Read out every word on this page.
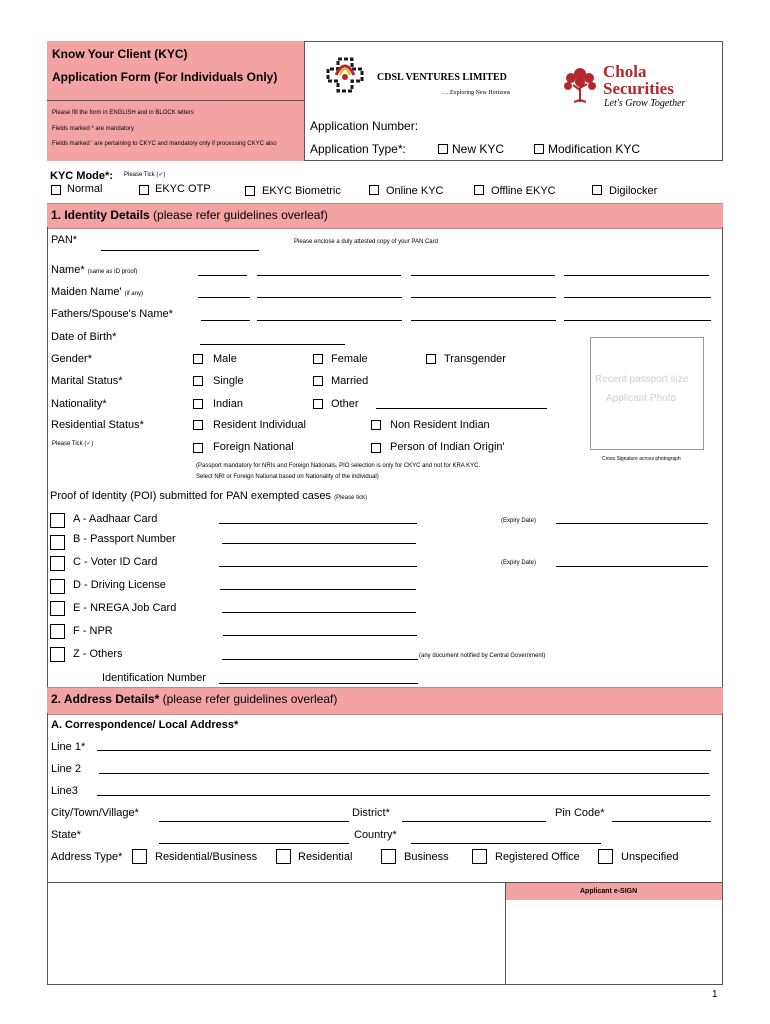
Know Your Client (KYC)
Application Form (For Individuals Only)
Please fill the form in ENGLISH and in BLOCK letters
Fields marked * are mandatory
Fields marked ' are pertaining to CKYC and mandatory only if processing CKYC also
CDSL VENTURES LIMITED
…..Exploring New Horizons
Chola
Securities
Let's Grow Together
Application Number:
Application Type*:	New KYC	Modification KYC
KYC Mode*: Please Tick (✓)
Normal	EKYC OTP	EKYC Biometric	Online KYC	Offline EKYC	Digilocker
1. Identity Details (please refer guidelines overleaf)
PAN*	Please enclose a duly attested copy of your PAN Card
Name* (same as ID proof)
Maiden Name' (if any)
Fathers/Spouse's Name*
Date of Birth*
Gender*	Male	Female	Transgender
Marital Status*	Single	Married
Nationality*	Indian	Other
Residential Status*
Please Tick (✓)
Resident Individual	Non Resident Indian
Foreign National	Person of Indian Origin'
(Passport mandatory for NRIs and Foreign Nationals. PIO selection is only for CKYC and not for KRA KYC.
Select NRI or Foreign National based on Nationality of the individual)
Recent passport size
Applicant Photo
Cross Signature across photograph
Proof of Identity (POI) submitted for PAN exempted cases (Please tick)
A - Aadhaar Card	(Expiry Date)
B - Passport Number
C - Voter ID Card	(Expiry Date)
D - Driving License
E - NREGA Job Card
F - NPR
Z - Others	(any document notified by Central Government)
Identification Number
2. Address Details* (please refer guidelines overleaf)
A. Correspondence/ Local Address*
Line 1*
Line 2
Line3
City/Town/Village*	District*	Pin Code*
State*	Country*
Address Type*	Residential/Business	Residential	Business	Registered Office	Unspecified
Applicant e-SIGN
1
